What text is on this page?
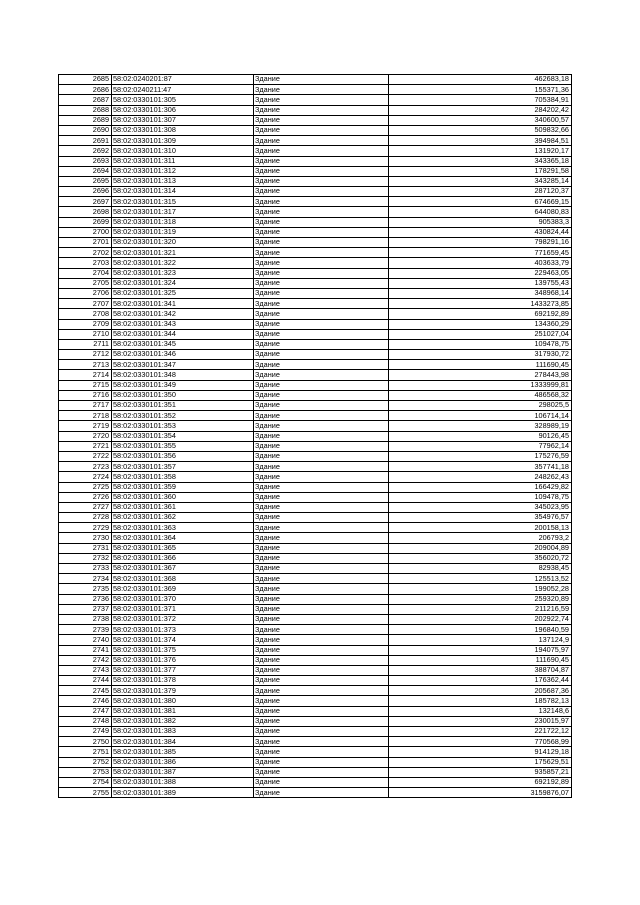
2685	58:02:0240201:87	Здание	462683,18
2686	58:02:0240211:47	Здание	155371,36
2687	58:02:0330101:305	Здание	705384,91
2688	58:02:0330101:306	Здание	284202,42
2689	58:02:0330101:307	Здание	340600,57
2690	58:02:0330101:308	Здание	509832,66
2691	58:02:0330101:309	Здание	394984,51
2692	58:02:0330101:310	Здание	131920,17
2693	58:02:0330101:311	Здание	343365,18
2694	58:02:0330101:312	Здание	178291,58
2695	58:02:0330101:313	Здание	343285,14
2696	58:02:0330101:314	Здание	287120,37
2697	58:02:0330101:315	Здание	674669,15
2698	58:02:0330101:317	Здание	644080,83
2699	58:02:0330101:318	Здание	905383,3
2700	58:02:0330101:319	Здание	430824,44
2701	58:02:0330101:320	Здание	798291,16
2702	58:02:0330101:321	Здание	771659,45
2703	58:02:0330101:322	Здание	403633,79
2704	58:02:0330101:323	Здание	229463,05
2705	58:02:0330101:324	Здание	139755,43
2706	58:02:0330101:325	Здание	348968,14
2707	58:02:0330101:341	Здание	1433273,85
2708	58:02:0330101:342	Здание	692192,89
2709	58:02:0330101:343	Здание	134360,29
2710	58:02:0330101:344	Здание	251027,04
2711	58:02:0330101:345	Здание	109478,75
2712	58:02:0330101:346	Здание	317930,72
2713	58:02:0330101:347	Здание	111690,45
2714	58:02:0330101:348	Здание	278443,98
2715	58:02:0330101:349	Здание	1333999,81
2716	58:02:0330101:350	Здание	486568,32
2717	58:02:0330101:351	Здание	298025,5
2718	58:02:0330101:352	Здание	106714,14
2719	58:02:0330101:353	Здание	328989,19
2720	58:02:0330101:354	Здание	90126,45
2721	58:02:0330101:355	Здание	77962,14
2722	58:02:0330101:356	Здание	175276,59
2723	58:02:0330101:357	Здание	357741,18
2724	58:02:0330101:358	Здание	248262,43
2725	58:02:0330101:359	Здание	166429,82
2726	58:02:0330101:360	Здание	109478,75
2727	58:02:0330101:361	Здание	345023,95
2728	58:02:0330101:362	Здание	354976,57
2729	58:02:0330101:363	Здание	200158,13
2730	58:02:0330101:364	Здание	206793,2
2731	58:02:0330101:365	Здание	209004,89
2732	58:02:0330101:366	Здание	356020,72
2733	58:02:0330101:367	Здание	82938,45
2734	58:02:0330101:368	Здание	125513,52
2735	58:02:0330101:369	Здание	199052,28
2736	58:02:0330101:370	Здание	259320,89
2737	58:02:0330101:371	Здание	211216,59
2738	58:02:0330101:372	Здание	202922,74
2739	58:02:0330101:373	Здание	196840,59
2740	58:02:0330101:374	Здание	137124,9
2741	58:02:0330101:375	Здание	194075,97
2742	58:02:0330101:376	Здание	111690,45
2743	58:02:0330101:377	Здание	388704,87
2744	58:02:0330101:378	Здание	176362,44
2745	58:02:0330101:379	Здание	205687,36
2746	58:02:0330101:380	Здание	185782,13
2747	58:02:0330101:381	Здание	132148,6
2748	58:02:0330101:382	Здание	230015,97
2749	58:02:0330101:383	Здание	221722,12
2750	58:02:0330101:384	Здание	770568,99
2751	58:02:0330101:385	Здание	914129,18
2752	58:02:0330101:386	Здание	175629,51
2753	58:02:0330101:387	Здание	935857,21
2754	58:02:0330101:388	Здание	692192,89
2755	58:02:0330101:389	Здание	3159876,07
